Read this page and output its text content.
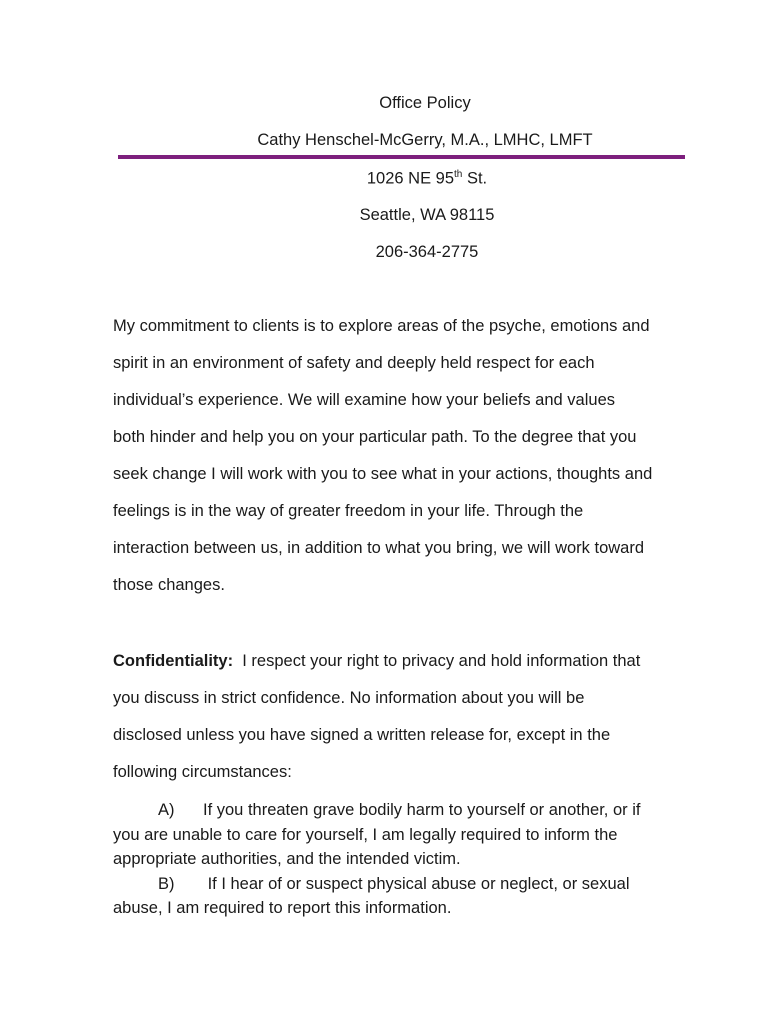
Office Policy
Cathy Henschel-McGerry, M.A., LMHC, LMFT
1026 NE 95th St.
Seattle, WA 98115
206-364-2775
My commitment to clients is to explore areas of the psyche, emotions and
spirit in an environment of safety and deeply held respect for each
individual’s experience. We will examine how your beliefs and values
both hinder and help you on your particular path. To the degree that you
seek change I will work with you to see what in your actions, thoughts and
feelings is in the way of greater freedom in your life. Through the
interaction between us, in addition to what you bring, we will work toward
those changes.
Confidentiality:  I respect your right to privacy and hold information that
you discuss in strict confidence. No information about you will be
disclosed unless you have signed a written release for, except in the
following circumstances:
A) If you threaten grave bodily harm to yourself or another, or if
you are unable to care for yourself, I am legally required to inform the
appropriate authorities, and the intended victim.
B) If I hear of or suspect physical abuse or neglect, or sexual
abuse, I am required to report this information.
